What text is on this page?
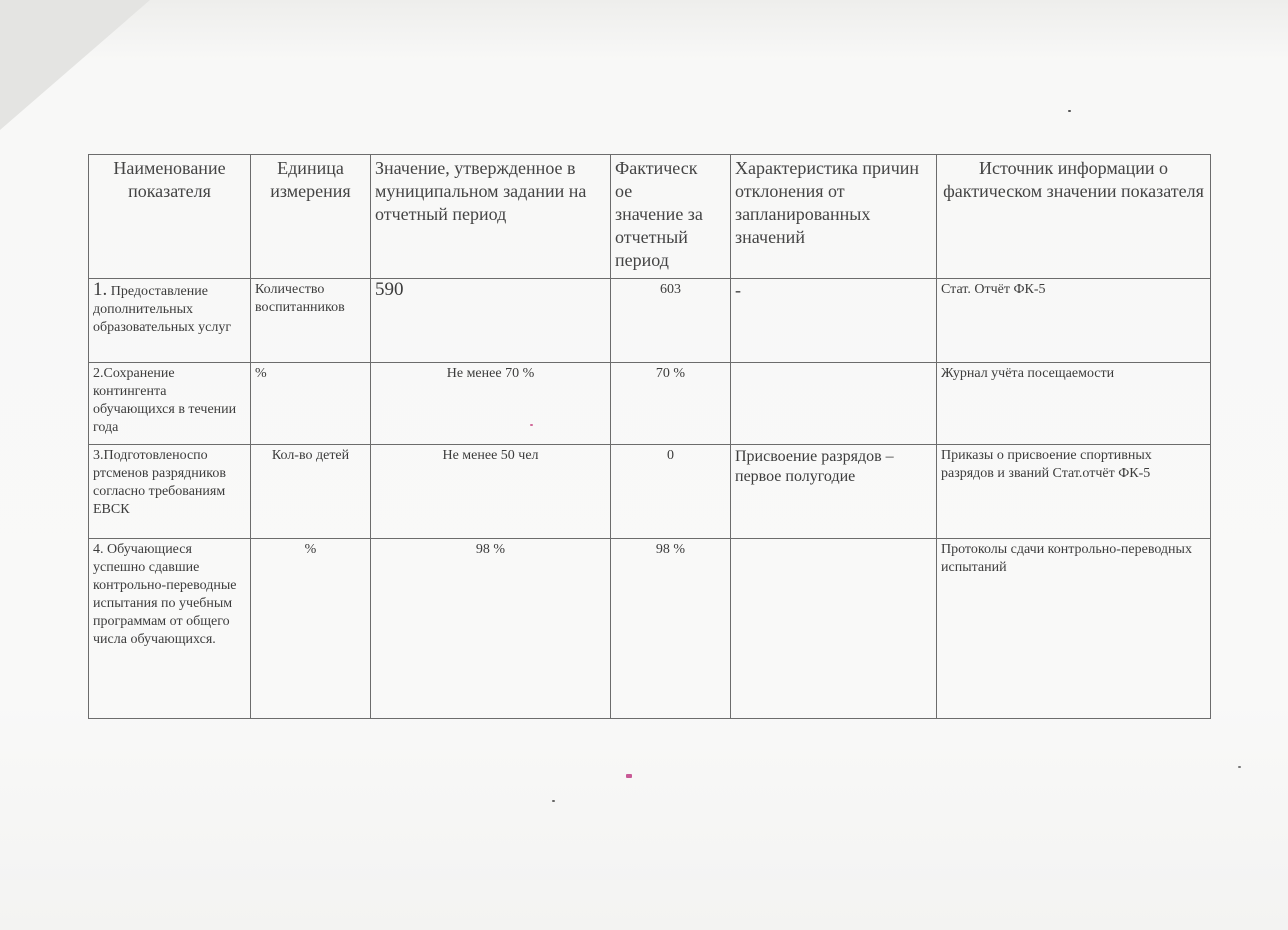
Наименование показателя	Единица измерения	Значение, утвержденное в муниципальном задании на отчетный период	Фактическ
ое
значение за
отчетный
период	Характеристика причин отклонения от запланированных значений	Источник информации о фактическом значении показателя
1. Предоставление дополнительных образовательных услуг	Количество воспитанников	590	603	-	Стат. Отчёт ФК-5
2.Сохранение контингента обучающихся в течении года	%	Не менее 70 %	70 %		Журнал учёта посещаемости
3.Подготовленоспо ртсменов разрядников согласно требованиям ЕВСК	Кол-во детей	Не менее 50 чел	0	Присвоение разрядов – первое полугодие	Приказы о присвоение спортивных разрядов и званий Стат.отчёт ФК-5
4. Обучающиеся успешно сдавшие контрольно-переводные испытания по учебным программам от общего числа обучающихся.	%	98 %	98 %		Протоколы сдачи контрольно-переводных испытаний
